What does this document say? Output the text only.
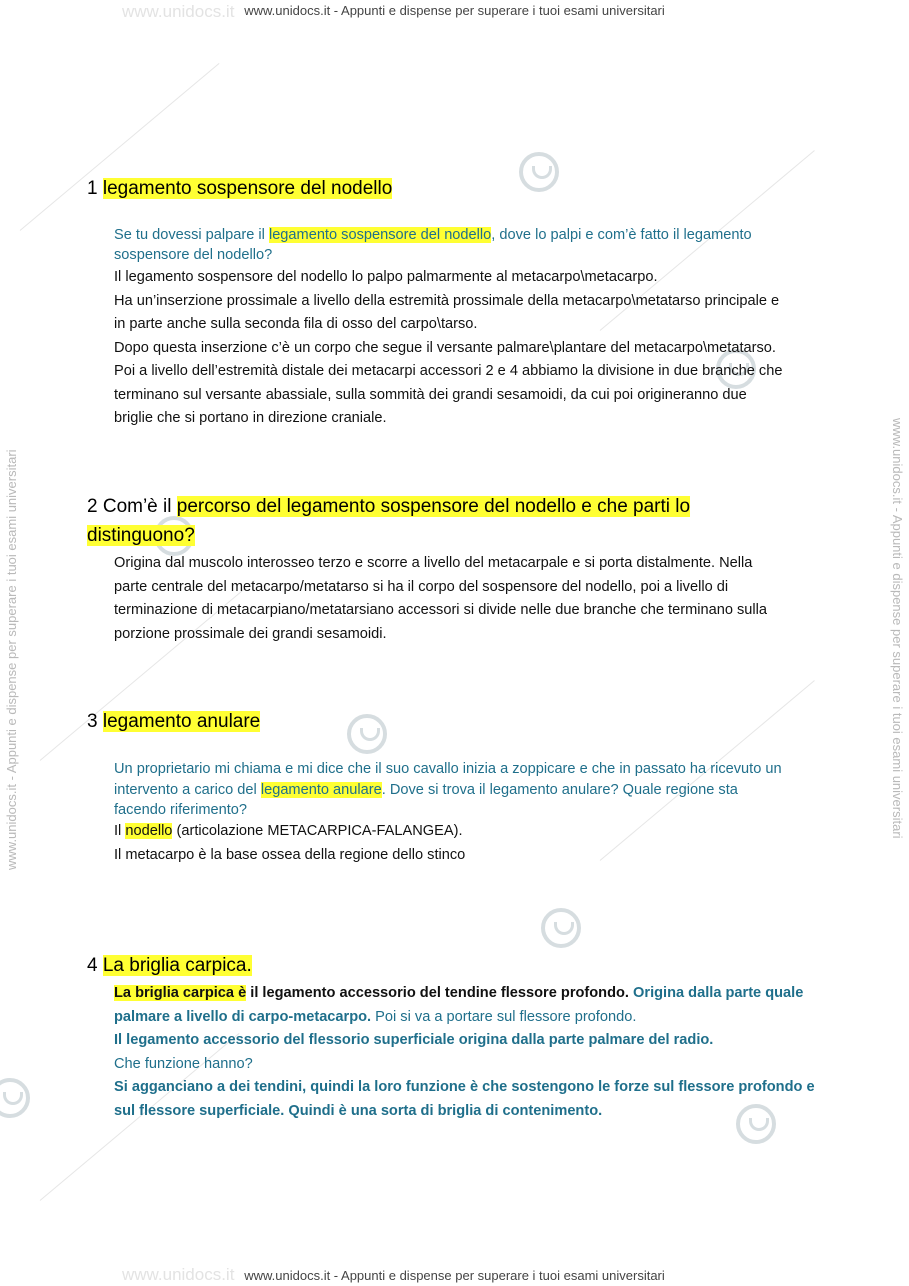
www.unidocs.it www.unidocs.it - Appunti e dispense per superare i tuoi esami universitari
www.unidocs.it www.unidocs.it - Appunti e dispense per superare i tuoi esami universitari
www.unidocs.it - Appunti e dispense per superare i tuoi esami universitari	www.unidocs.it - Appunti e dispense per superare i tuoi esami universitari
1 legamento sospensore del nodello
Se tu dovessi palpare il legamento sospensore del nodello, dove lo palpi e com’è fatto il legamento
sospensore del nodello?
Il legamento sospensore del nodello lo palpo palmarmente al metacarpo\metacarpo.
Ha un’inserzione prossimale a livello della estremità prossimale della metacarpo\metatarso principale e
in parte anche sulla seconda fila di osso del carpo\tarso.
Dopo questa inserzione c’è un corpo che segue il versante palmare\plantare del metacarpo\metatarso.
Poi a livello dell’estremità distale dei metacarpi accessori 2 e 4 abbiamo la divisione in due branche che
terminano sul versante abassiale, sulla sommità dei grandi sesamoidi, da cui poi origineranno due
briglie che si portano in direzione craniale.
2 Com’è il percorso del legamento sospensore del nodello e che parti lo
distinguono?
Origina dal muscolo interosseo terzo e scorre a livello del metacarpale e si porta distalmente. Nella
parte centrale del metacarpo/metatarso si ha il corpo del sospensore del nodello, poi a livello di
terminazione di metacarpiano/metatarsiano accessori si divide nelle due branche che terminano sulla
porzione prossimale dei grandi sesamoidi.
3 legamento anulare
Un proprietario mi chiama e mi dice che il suo cavallo inizia a zoppicare e che in passato ha ricevuto un
intervento a carico del legamento anulare. Dove si trova il legamento anulare? Quale regione sta
facendo riferimento?
Il nodello (articolazione METACARPICA-FALANGEA).
Il metacarpo è la base ossea della regione dello stinco
4 La briglia carpica.
La briglia carpica è il legamento accessorio del tendine flessore profondo. Origina dalla parte quale
palmare a livello di carpo-metacarpo. Poi si va a portare sul flessore profondo.
Il legamento accessorio del flessorio superficiale origina dalla parte palmare del radio.
Che funzione hanno?
Si agganciano a dei tendini, quindi la loro funzione è che sostengono le forze sul flessore profondo e
sul flessore superficiale. Quindi è una sorta di briglia di contenimento.
